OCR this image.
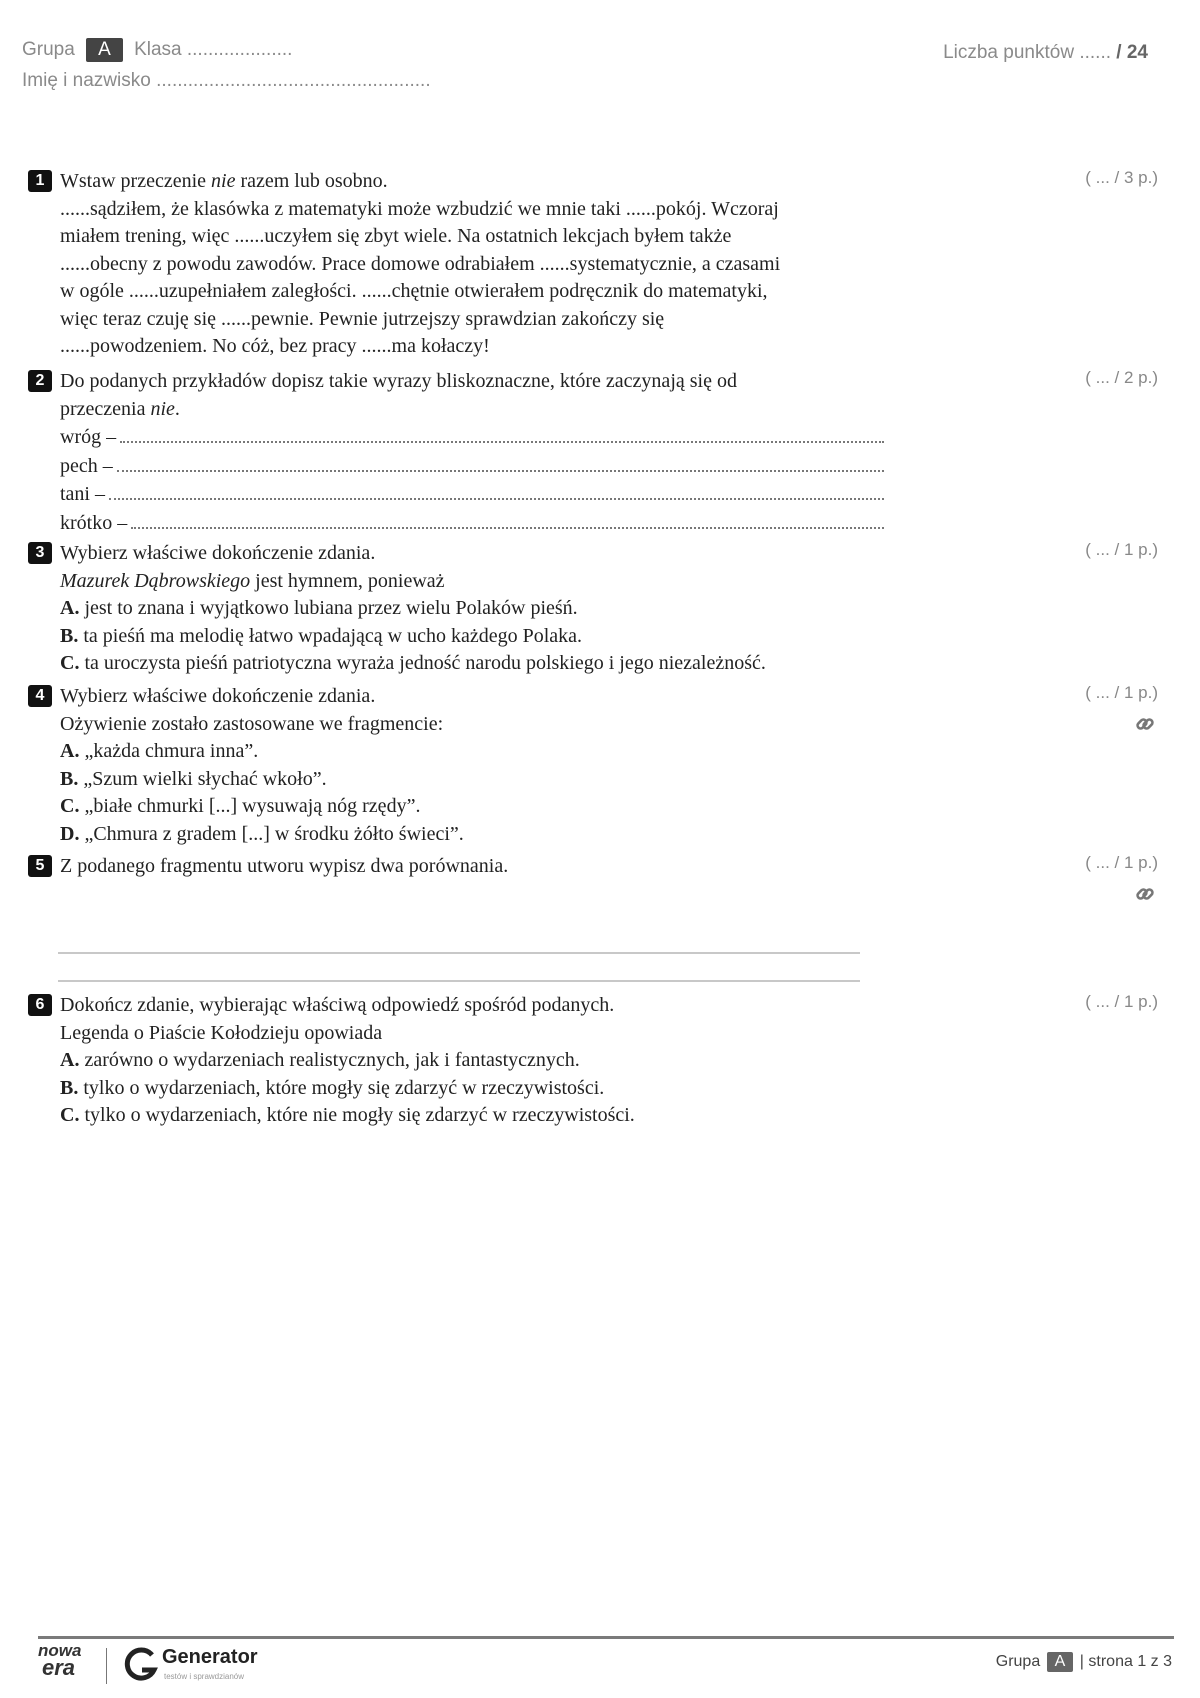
Grupa A Klasa ....................
Imię i nazwisko ....................................................
Liczba punktów ...... / 24
1	( ... / 3 p.)

Wstaw przeczenie nie razem lub osobno.

......sądziłem, że klasówka z matematyki może wzbudzić we mnie taki ......pokój. Wczoraj

miałem trening, więc ......uczyłem się zbyt wiele. Na ostatnich lekcjach byłem także

......obecny z powodu zawodów. Prace domowe odrabiałem ......systematycznie, a czasami

w ogóle ......uzupełniałem zaległości. ......chętnie otwierałem podręcznik do matematyki,

więc teraz czuję się ......pewnie. Pewnie jutrzejszy sprawdzian zakończy się

......powodzeniem. No cóż, bez pracy ......ma kołaczy!

2	( ... / 2 p.)

Do podanych przykładów dopisz takie wyrazy bliskoznaczne, które zaczynają się od

przeczenia nie.

wróg –
pech –
tani –
krótko –
3	( ... / 1 p.)

Wybierz właściwe dokończenie zdania.

Mazurek Dąbrowskiego jest hymnem, ponieważ

A. jest to znana i wyjątkowo lubiana przez wielu Polaków pieśń.

B. ta pieśń ma melodię łatwo wpadającą w ucho każdego Polaka.

C. ta uroczysta pieśń patriotyczna wyraża jedność narodu polskiego i jego niezależność.

4	( ... / 1 p.)

Wybierz właściwe dokończenie zdania.

Ożywienie zostało zastosowane we fragmencie:

A. „każda chmura inna”.

B. „Szum wielki słychać wkoło”.

C. „białe chmurki [...] wysuwają nóg rzędy”.

D. „Chmura z gradem [...] w środku żółto świeci”.

5	( ... / 1 p.)

Z podanego fragmentu utworu wypisz dwa porównania.

6	( ... / 1 p.)

Dokończ zdanie, wybierając właściwą odpowiedź spośród podanych.

Legenda o Piaście Kołodzieju opowiada

A. zarówno o wydarzeniach realistycznych, jak i fantastycznych.

B. tylko o wydarzeniach, które mogły się zdarzyć w rzeczywistości.

C. tylko o wydarzeniach, które nie mogły się zdarzyć w rzeczywistości.

nowa
era	Generator
testów i sprawdzianów
Grupa A | strona 1 z 3
